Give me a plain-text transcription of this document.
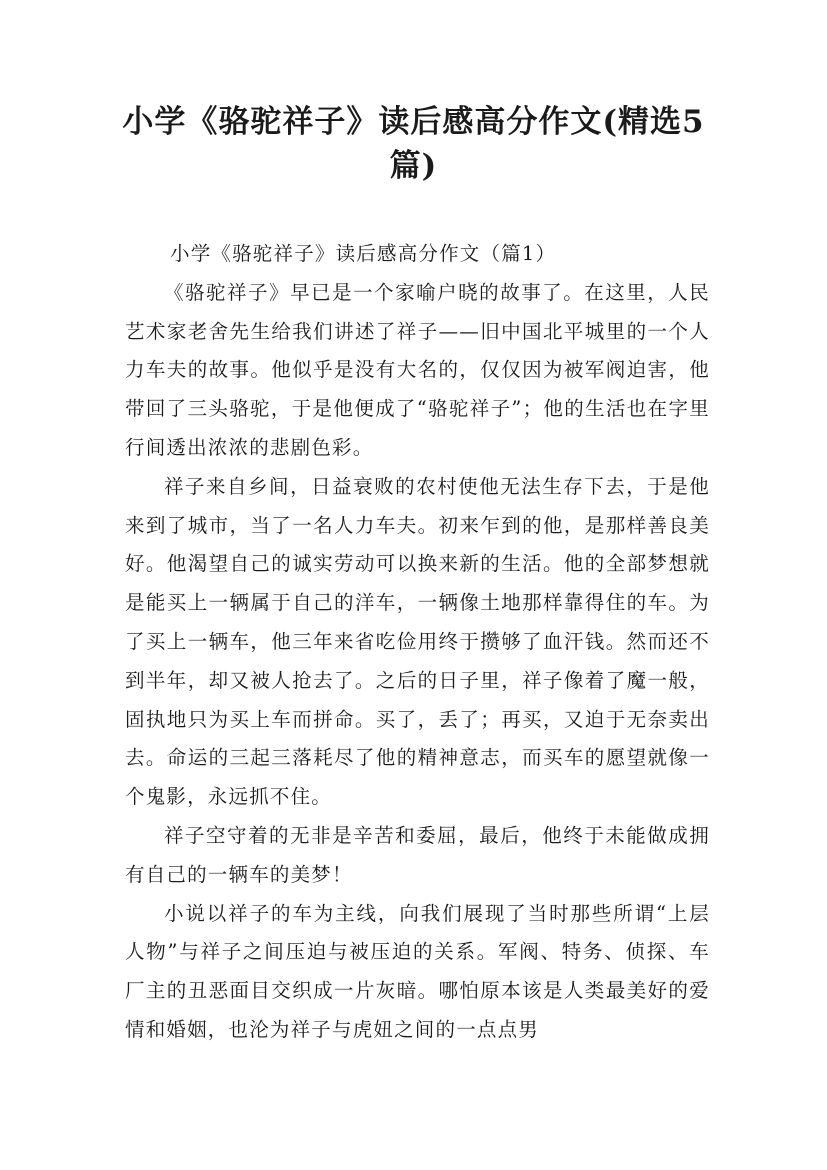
小学《骆驼祥子》读后感高分作文(精选5篇)

小学《骆驼祥子》读后感高分作文（篇1）

《骆驼祥子》早已是一个家喻户晓的故事了。在这里，人民艺术家老舍先生给我们讲述了祥子——旧中国北平城里的一个人力车夫的故事。他似乎是没有大名的，仅仅因为被军阀迫害，他带回了三头骆驼，于是他便成了“骆驼祥子”；他的生活也在字里行间透出浓浓的悲剧色彩。

祥子来自乡间，日益衰败的农村使他无法生存下去，于是他来到了城市，当了一名人力车夫。初来乍到的他，是那样善良美好。他渴望自己的诚实劳动可以换来新的生活。他的全部梦想就是能买上一辆属于自己的洋车，一辆像土地那样靠得住的车。为了买上一辆车，他三年来省吃俭用终于攒够了血汗钱。然而还不到半年，却又被人抢去了。之后的日子里，祥子像着了魔一般，固执地只为买上车而拼命。买了，丢了；再买，又迫于无奈卖出去。命运的三起三落耗尽了他的精神意志，而买车的愿望就像一个鬼影，永远抓不住。

祥子空守着的无非是辛苦和委屈，最后，他终于未能做成拥有自己的一辆车的美梦！

小说以祥子的车为主线，向我们展现了当时那些所谓“上层人物”与祥子之间压迫与被压迫的关系。军阀、特务、侦探、车厂主的丑恶面目交织成一片灰暗。哪怕原本该是人类最美好的爱情和婚姻，也沦为祥子与虎妞之间的一点点男
